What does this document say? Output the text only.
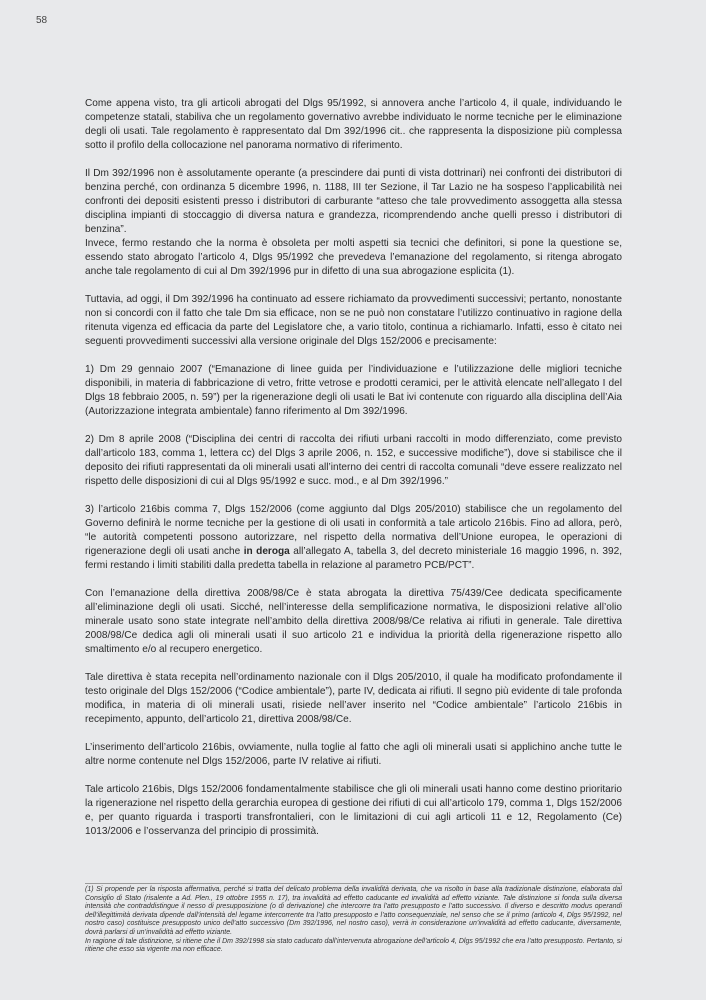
58

Come appena visto, tra gli articoli abrogati del Dlgs 95/1992, si annovera anche l’articolo 4, il quale, individuando le competenze statali, stabiliva che un regolamento governativo avrebbe individuato le norme tecniche per le eliminazione degli oli usati. Tale regolamento è rappresentato dal Dm 392/1996 cit.. che rappresenta la disposizione più complessa sotto il profilo della collocazione nel panorama normativo di riferimento.

Il Dm 392/1996 non è assolutamente operante (a prescindere dai punti di vista dottrinari) nei confronti dei distributori di benzina perché, con ordinanza 5 dicembre 1996, n. 1188, III ter Sezione, il Tar Lazio ne ha sospeso l’applicabilità nei confronti dei depositi esistenti presso i distributori di carburante “atteso che tale provvedimento assoggetta alla stessa disciplina impianti di stoccaggio di diversa natura e grandezza, ricomprendendo anche quelli presso i distributori di benzina”.

Invece, fermo restando che la norma è obsoleta per molti aspetti sia tecnici che definitori, si pone la questione se, essendo stato abrogato l’articolo 4, Dlgs 95/1992 che prevedeva l’emanazione del regolamento, si ritenga abrogato anche tale regolamento di cui al Dm 392/1996 pur in difetto di una sua abrogazione esplicita (1).

Tuttavia, ad oggi, il Dm 392/1996 ha continuato ad essere richiamato da provvedimenti successivi; pertanto, nonostante non si concordi con il fatto che tale Dm sia efficace, non se ne può non constatare l’utilizzo continuativo in ragione della ritenuta vigenza ed efficacia da parte del Legislatore che, a vario titolo, continua a richiamarlo. Infatti, esso è citato nei seguenti provvedimenti successivi alla versione originale del Dlgs 152/2006 e precisamente:

1) Dm 29 gennaio 2007 (“Emanazione di linee guida per l’individuazione e l’utilizzazione delle migliori tecniche disponibili, in materia di fabbricazione di vetro, fritte vetrose e prodotti ceramici, per le attività elencate nell’allegato I del Dlgs 18 febbraio 2005, n. 59”) per la rigenerazione degli oli usati le Bat ivi contenute con riguardo alla disciplina dell’Aia (Autorizzazione integrata ambientale) fanno riferimento al Dm 392/1996.

2) Dm 8 aprile 2008 (“Disciplina dei centri di raccolta dei rifiuti urbani raccolti in modo differenziato, come previsto dall’articolo 183, comma 1, lettera cc) del Dlgs 3 aprile 2006, n. 152, e successive modifiche”), dove si stabilisce che il deposito dei rifiuti rappresentati da oli minerali usati all’interno dei centri di raccolta comunali “deve essere realizzato nel rispetto delle disposizioni di cui al Dlgs 95/1992 e succ. mod., e al Dm 392/1996.”

3) l’articolo 216bis comma 7, Dlgs 152/2006 (come aggiunto dal Dlgs 205/2010) stabilisce che un regolamento del Governo definirà le norme tecniche per la gestione di oli usati in conformità a tale articolo 216bis. Fino ad allora, però, “le autorità competenti possono autorizzare, nel rispetto della normativa dell’Unione europea, le operazioni di rigenerazione degli oli usati anche in deroga all’allegato A, tabella 3, del decreto ministeriale 16 maggio 1996, n. 392, fermi restando i limiti stabiliti dalla predetta tabella in relazione al parametro PCB/PCT”.

Con l’emanazione della direttiva 2008/98/Ce è stata abrogata la direttiva 75/439/Cee dedicata specificamente all’eliminazione degli oli usati. Sicché, nell’interesse della semplificazione normativa, le disposizioni relative all’olio minerale usato sono state integrate nell’ambito della direttiva 2008/98/Ce relativa ai rifiuti in generale. Tale direttiva 2008/98/Ce dedica agli oli minerali usati il suo articolo 21 e individua la priorità della rigenerazione rispetto allo smaltimento e/o al recupero energetico.

Tale direttiva è stata recepita nell’ordinamento nazionale con il Dlgs 205/2010, il quale ha modificato profondamente il testo originale del Dlgs 152/2006 (“Codice ambientale”), parte IV, dedicata ai rifiuti. Il segno più evidente di tale profonda modifica, in materia di oli minerali usati, risiede nell’aver inserito nel “Codice ambientale” l’articolo 216bis in recepimento, appunto, dell’articolo 21, direttiva 2008/98/Ce.

L’inserimento dell’articolo 216bis, ovviamente, nulla toglie al fatto che agli oli minerali usati si applichino anche tutte le altre norme contenute nel Dlgs 152/2006, parte IV relative ai rifiuti.

Tale articolo 216bis, Dlgs 152/2006 fondamentalmente stabilisce che gli oli minerali usati hanno come destino prioritario la rigenerazione nel rispetto della gerarchia europea di gestione dei rifiuti di cui all’articolo 179, comma 1, Dlgs 152/2006 e, per quanto riguarda i trasporti transfrontalieri, con le limitazioni di cui agli articoli 11 e 12, Regolamento (Ce) 1013/2006 e l’osservanza del principio di prossimità.

(1) Si propende per la risposta affermativa, perché si tratta del delicato problema della invalidità derivata, che va risolto in base alla tradizionale distinzione, elaborata dal Consiglio di Stato (risalente a Ad. Plen., 19 ottobre 1955 n. 17), tra invalidità ad effetto caducante ed invalidità ad effetto viziante. Tale distinzione si fonda sulla diversa intensità che contraddistingue il nesso di presupposizione (o di derivazione) che intercorre tra l’atto presupposto e l’atto successivo. Il diverso e descritto modus operandi dell’illegittimità derivata dipende dall’intensità del legame intercorrente tra l’atto presupposto e l’atto consequenziale, nel senso che se il primo (articolo 4, Dlgs 95/1992, nel nostro caso) costituisce presupposto unico dell’atto successivo (Dm 392/1996, nel nostro caso), verrà in considerazione un’invalidità ad effetto caducante, diversamente, dovrà parlarsi di un’invalidità ad effetto viziante.

In ragione di tale distinzione, si ritiene che il Dm 392/1998 sia stato caducato dall’intervenuta abrogazione dell’articolo 4, Dlgs 95/1992 che era l’atto presupposto. Pertanto, si ritiene che esso sia vigente ma non efficace.
